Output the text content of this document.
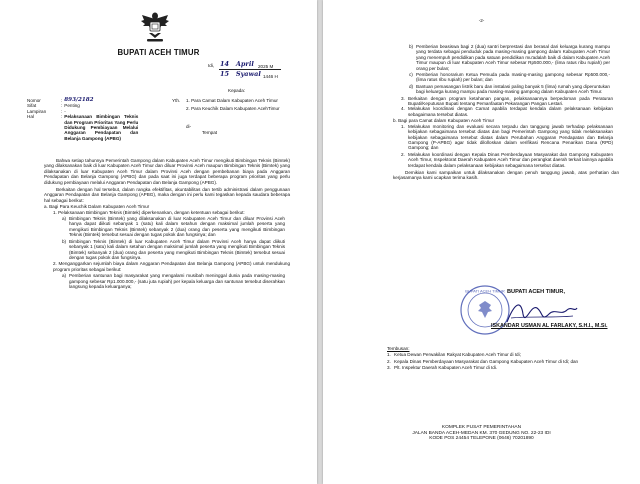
BUPATI ACEH TIMUR
Idi, 14   April 2025 M
15   Syawal 1446 H
Kepada:
Nomor	: 893/2182
Sifat	: Penting
Lampiran	: -
Hal	: Pelaksanaan Bimbingan Teknis dan Program Prioritas Yang Perlu Didukung Pembiayaan Melalui Anggaran Pendapatan dan Belanja Gampong (APBG)
Yth. 1. Para Camat Dalam Kabupaten Aceh Timur
2. Para Keuchik Dalam Kabupaten AcehTimur
di-
Tempat

Bahwa setiap tahunnya Pemerintah Gampong dalam Kabupaten Aceh Timur mengikuti Bimbingan Teknis (Bimtek) yang dilaksanakan baik di luar Kabupaten Aceh Timur dan diluar Provinsi Aceh maupun Bimbingan Teknis (Bimtek) yang dilaksanakan di luar Kabupaten Aceh Timur dalam Provinsi Aceh dengan pembebanan biaya pada Anggaran Pendapatan dan Belanja Gampong (APBG) dan pada saat ini juga terdapat beberapa program prioritas yang perlu didukung pembiayaan melalui Anggaran Pendapatan dan Belanja Gampong (APBG).

Berkaitan dengan hal tersebut, dalam rangka efektifitas, akuntabilitas dan tertib administrasi dalam penggunaan Anggaran Pendapatan dan Belanja Gampong (APBG), maka dengan ini perlu kami tegaskan kepada saudara beberapa hal sebagai berikut:

a. Bagi Para Keuchik Dalam Kabupaten Aceh Timur
1. Pelaksanaan Bimbingan Teknis (Bimtek) diperkenankan, dengan ketentuan sebagai berikut:
a) Bimbingan Teknis (Bimtek) yang dilaksanakan di luar Kabupaten Aceh Timur dan diluar Provinsi Aceh hanya dapat diikuti sebanyak 1 (satu) kali dalam setahun dengan maksimal jumlah peserta yang mengikuti Bimbingan Teknis (Bimtek) sebanyak 2 (dua) orang dan peserta yang mengikuti Bimbingan Teknis (Bimtek) tersebut sesuai dengan tugas pokok dan fungsinya; dan
b) Bimbingan Teknis (Bimtek) di luar Kabupaten Aceh Timur dalam Provinsi Aceh hanya dapat diikuti sebanyak 1 (satu) kali dalam setahun dengan maksimal jumlah peserta yang mengikuti Bimbingan Teknis (Bimtek) sebanyak 2 (dua) orang dan peserta yang mengikuti Bimbingan Teknis (Bimtek) tersebut sesuai dengan tugas pokok dan fungsinya.
2. Menganggarkan sejumlah biaya dalam Anggaran Pendapatan dan Belanja Gampong (APBG) untuk mendukung program prioritas sebagai berikut:
a) Pemberian santunan bagi masyarakat yang mengalami musibah meninggal dunia pada masing-masing gampong sebesar Rp1.000.000,- (satu juta rupiah) per kepala keluarga dan santunan tersebut diserahkan langsung kepada keluarganya;
-2-
b) Pemberian beasiswa bagi 2 (dua) santri berprestasi dan berasal dari keluarga kurang mampu yang terdata sebagai penduduk pada masing-masing gampong dalam Kabupaten Aceh Timur yang menempuh pendidikan pada satuan pendidikan mu'adalah baik di dalam Kabupaten Aceh Timur maupun di luar Kabupaten Aceh Timur sebesar Rp500.000,- (lima ratus ribu rupiah) per orang per bulan;
c) Pemberian honorarium Ketua Pemuda pada masing-masing gampong sebesar Rp500.000,- (lima ratus ribu rupiah) per bulan; dan
d) Bantuan pemasangan listrik baru dan instalasi paling banyak 5 (lima) rumah yang diperuntukan bagi keluarga kurang mampu pada masing-masing gampong dalam Kabupaten Aceh Timur.
3. Berkaitan dengan program ketahanan pangan, pelaksanaannya berpedoman pada Peraturan Bupati/Keputusan Bupati tentang Pemanfaatan Pekarangan Pangan Lestari.
4. Melakukan koordinasi dengan Camat apabila terdapat kendala dalam pelaksanaan kebijakan sebagaimana tersebut diatas.
b. Bagi para Camat dalam Kabupaten Aceh Timur
1. Melakukan monitoring dan evaluasi secara terpadu dan tanggung jawab terhadap pelaksanaan kebijakan sebagaimana tersebut diatas dan bagi Pemerintah Gampong yang tidak melaksanakan kebijakan sebagaimana tersebut diatas dalam Perubahan Anggaran Pendapatan dan Belanja Gampong (P-APBG) agar tidak dilolloskan dalam verifikasi Rencana Penarikan Dana (RPD) Gampong; dan
2. Melakukan koordinasi dengan Kepala Dinas Pemberdayaan Masyarakat dan Gampong Kabupaten Aceh Timur, Inspektorat Daerah Kabupaten Aceh Timur dan perangkat daerah terkait lainnya apabila terdapat kendala dalam pelaksanaan kebijakan sebagaimana tersebut diatas.

Demikian kami sampaikan untuk dilaksanakan dengan penuh tanggung jawab, atas perhatian dan kerjasamanya kami ucapkan terima kasih.

BUPATI ACEH TIMUR BUPATI ACEH TIMUR,
ISKANDAR USMAN AL FARLAKY, S.H.I., M.Si.
Tembusan:
1. Ketua Dewan Perwakilan Rakyat Kabupaten Aceh Timur di Idi;
2. Kepala Dinas Pemberdayaan Masyarakat dan Gampong Kabupaten Aceh Timur di Idi; dan
3. Plt. Inspektur Daerah Kabupaten Aceh Timur di Idi.
KOMPLEK PUSAT PEMERINTAHAN
JALAN BANDA ACEH-MEDAN KM. 370 GEDUNG NO. 22-23 IDI
KODE POS 24454 TELEPONE (0646) 70201890
